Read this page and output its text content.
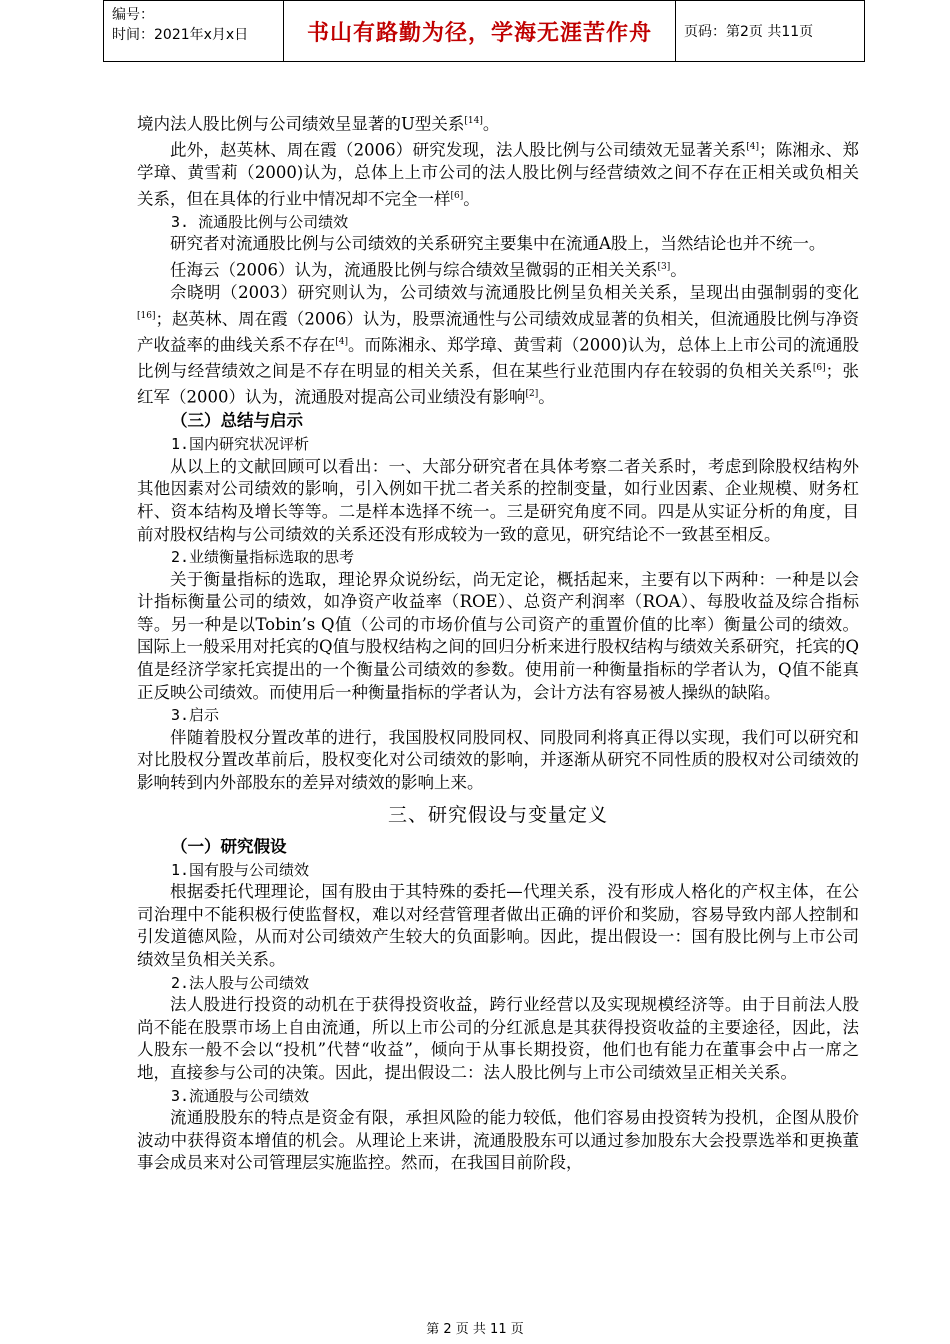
编号：
时间：2021年x月x日	书山有路勤为径，学海无涯苦作舟	页码：第2页 共11页

境内法人股比例与公司绩效呈显著的U型关系[14]。

此外，赵英林、周在霞（2006）研究发现，法人股比例与公司绩效无显著关系[4]；陈湘永、郑学璋、黄雪莉（2000)认为，总体上上市公司的法人股比例与经营绩效之间不存在正相关或负相关关系，但在具体的行业中情况却不完全一样[6]。

3. 流通股比例与公司绩效

研究者对流通股比例与公司绩效的关系研究主要集中在流通A股上，当然结论也并不统一。

任海云（2006）认为，流通股比例与综合绩效呈微弱的正相关关系[3]。

佘晓明（2003）研究则认为，公司绩效与流通股比例呈负相关关系，呈现出由强制弱的变化[16]；赵英林、周在霞（2006）认为，股票流通性与公司绩效成显著的负相关，但流通股比例与净资产收益率的曲线关系不存在[4]。而陈湘永、郑学璋、黄雪莉（2000)认为，总体上上市公司的流通股比例与经营绩效之间是不存在明显的相关关系，但在某些行业范围内存在较弱的负相关关系[6]；张红军（2000）认为，流通股对提高公司业绩没有影响[2]。

（三）总结与启示

1.国内研究状况评析

从以上的文献回顾可以看出：一、大部分研究者在具体考察二者关系时，考虑到除股权结构外其他因素对公司绩效的影响，引入例如干扰二者关系的控制变量，如行业因素、企业规模、财务杠杆、资本结构及增长等等。二是样本选择不统一。三是研究角度不同。四是从实证分析的角度，目前对股权结构与公司绩效的关系还没有形成较为一致的意见，研究结论不一致甚至相反。

2.业绩衡量指标选取的思考

关于衡量指标的选取，理论界众说纷纭，尚无定论，概括起来，主要有以下两种：一种是以会计指标衡量公司的绩效，如净资产收益率（ROE）、总资产利润率（ROA）、每股收益及综合指标等。另一种是以Tobin’s Q值（公司的市场价值与公司资产的重置价值的比率）衡量公司的绩效。国际上一般采用对托宾的Q值与股权结构之间的回归分析来进行股权结构与绩效关系研究，托宾的Q值是经济学家托宾提出的一个衡量公司绩效的参数。使用前一种衡量指标的学者认为，Q值不能真正反映公司绩效。而使用后一种衡量指标的学者认为，会计方法有容易被人操纵的缺陷。

3.启示

伴随着股权分置改革的进行，我国股权同股同权、同股同利将真正得以实现，我们可以研究和对比股权分置改革前后，股权变化对公司绩效的影响，并逐渐从研究不同性质的股权对公司绩效的影响转到内外部股东的差异对绩效的影响上来。

三、研究假设与变量定义

（一）研究假设

1.国有股与公司绩效

根据委托代理理论，国有股由于其特殊的委托—代理关系，没有形成人格化的产权主体，在公司治理中不能积极行使监督权，难以对经营管理者做出正确的评价和奖励，容易导致内部人控制和引发道德风险，从而对公司绩效产生较大的负面影响。因此，提出假设一：国有股比例与上市公司绩效呈负相关关系。

2.法人股与公司绩效

法人股进行投资的动机在于获得投资收益，跨行业经营以及实现规模经济等。由于目前法人股尚不能在股票市场上自由流通，所以上市公司的分红派息是其获得投资收益的主要途径，因此，法人股东一般不会以“投机”代替“收益”，倾向于从事长期投资，他们也有能力在董事会中占一席之地，直接参与公司的决策。因此，提出假设二：法人股比例与上市公司绩效呈正相关关系。

3.流通股与公司绩效

流通股股东的特点是资金有限，承担风险的能力较低，他们容易由投资转为投机，企图从股价波动中获得资本增值的机会。从理论上来讲，流通股股东可以通过参加股东大会投票选举和更换董事会成员来对公司管理层实施监控。然而，在我国目前阶段，

第 2 页 共 11 页
